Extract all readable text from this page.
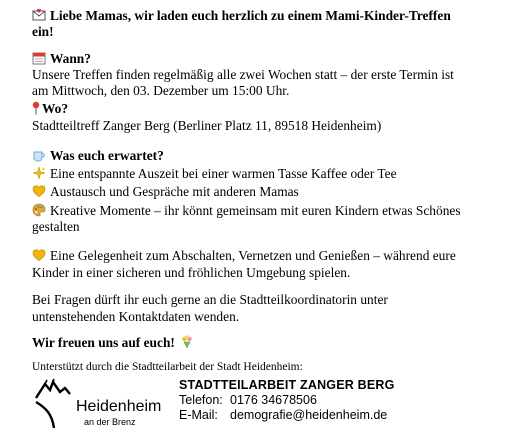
Liebe Mamas, wir laden euch herzlich zu einem Mami-Kinder-Treffen
ein!
Wann?
Unsere Treffen finden regelmäßig alle zwei Wochen statt – der erste Termin ist
am Mittwoch, den 03. Dezember um 15:00 Uhr.
Wo?
Stadtteiltreff Zanger Berg (Berliner Platz 11, 89518 Heidenheim)
Was euch erwartet?
Eine entspannte Auszeit bei einer warmen Tasse Kaffee oder Tee
Austausch und Gespräche mit anderen Mamas
Kreative Momente – ihr könnt gemeinsam mit euren Kindern etwas Schönes
gestalten
Eine Gelegenheit zum Abschalten, Vernetzen und Genießen – während eure
Kinder in einer sicheren und fröhlichen Umgebung spielen.
Bei Fragen dürft ihr euch gerne an die Stadtteilkoordinatorin unter
untenstehenden Kontaktdaten wenden.
Wir freuen uns auf euch!
Unterstützt durch die Stadtteilarbeit der Stadt Heidenheim:
Heidenheim
an der Brenz
STADTTEILARBEIT ZANGER BERG
Telefon: 0176 34678506
E-Mail: demografie@heidenheim.de
